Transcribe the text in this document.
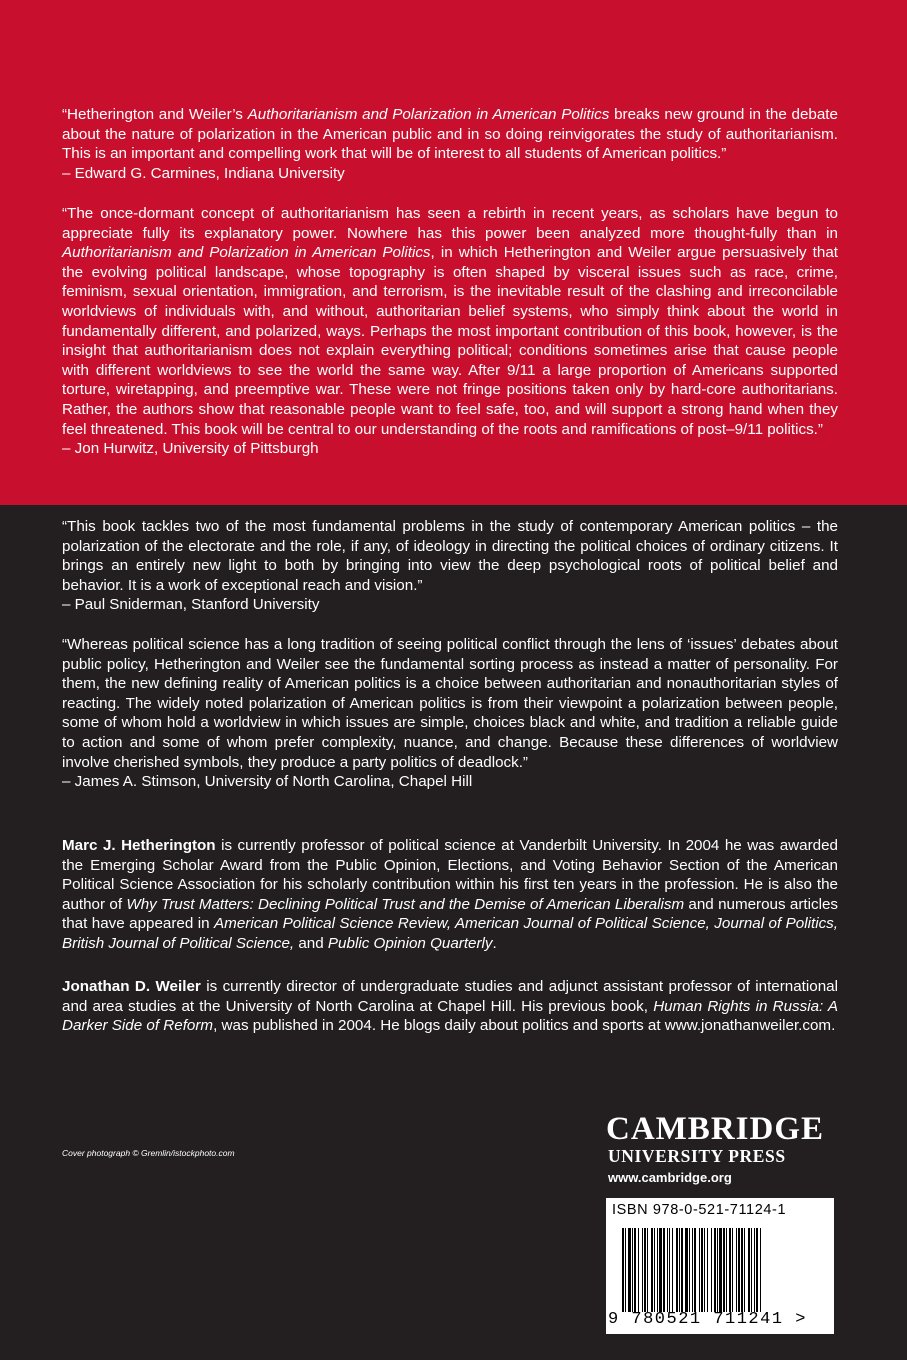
“Hetherington and Weiler’s Authoritarianism and Polarization in American Politics breaks new ground in the debate about the nature of polarization in the American public and in so doing reinvigorates the study of authoritarianism. This is an important and compelling work that will be of interest to all students of American politics.”

– Edward G. Carmines, Indiana University

“The once-dormant concept of authoritarianism has seen a rebirth in recent years, as scholars have begun to appreciate fully its explanatory power. Nowhere has this power been analyzed more thought-fully than in Authoritarianism and Polarization in American Politics, in which Hetherington and Weiler argue persuasively that the evolving political landscape, whose topography is often shaped by visceral issues such as race, crime, feminism, sexual orientation, immigration, and terrorism, is the inevitable result of the clashing and irreconcilable worldviews of individuals with, and without, authoritarian belief systems, who simply think about the world in fundamentally different, and polarized, ways. Perhaps the most important contribution of this book, however, is the insight that authoritarianism does not explain everything political; conditions sometimes arise that cause people with different worldviews to see the world the same way. After 9/11 a large proportion of Americans supported torture, wiretapping, and preemptive war. These were not fringe positions taken only by hard-core authoritarians. Rather, the authors show that reasonable people want to feel safe, too, and will support a strong hand when they feel threatened. This book will be central to our understanding of the roots and ramifications of post–9/11 politics.”

– Jon Hurwitz, University of Pittsburgh

“This book tackles two of the most fundamental problems in the study of contemporary American politics – the polarization of the electorate and the role, if any, of ideology in directing the political choices of ordinary citizens. It brings an entirely new light to both by bringing into view the deep psychological roots of political belief and behavior. It is a work of exceptional reach and vision.”

– Paul Sniderman, Stanford University

“Whereas political science has a long tradition of seeing political conflict through the lens of ‘issues’ debates about public policy, Hetherington and Weiler see the fundamental sorting process as instead a matter of personality. For them, the new defining reality of American politics is a choice between authoritarian and nonauthoritarian styles of reacting. The widely noted polarization of American politics is from their viewpoint a polarization between people, some of whom hold a worldview in which issues are simple, choices black and white, and tradition a reliable guide to action and some of whom prefer complexity, nuance, and change. Because these differences of worldview involve cherished symbols, they produce a party politics of deadlock.”

– James A. Stimson, University of North Carolina, Chapel Hill

Marc J. Hetherington is currently professor of political science at Vanderbilt University. In 2004 he was awarded the Emerging Scholar Award from the Public Opinion, Elections, and Voting Behavior Section of the American Political Science Association for his scholarly contribution within his first ten years in the profession. He is also the author of Why Trust Matters: Declining Political Trust and the Demise of American Liberalism and numerous articles that have appeared in American Political Science Review, American Journal of Political Science, Journal of Politics, British Journal of Political Science, and Public Opinion Quarterly.

Jonathan D. Weiler is currently director of undergraduate studies and adjunct assistant professor of international and area studies at the University of North Carolina at Chapel Hill. His previous book, Human Rights in Russia: A Darker Side of Reform, was published in 2004. He blogs daily about politics and sports at www.jonathanweiler.com.

Cover photograph © Gremlin/istockphoto.com
CAMBRIDGE
UNIVERSITY PRESS
www.cambridge.org
ISBN 978-0-521-71124-1
9 780521 711241 >
